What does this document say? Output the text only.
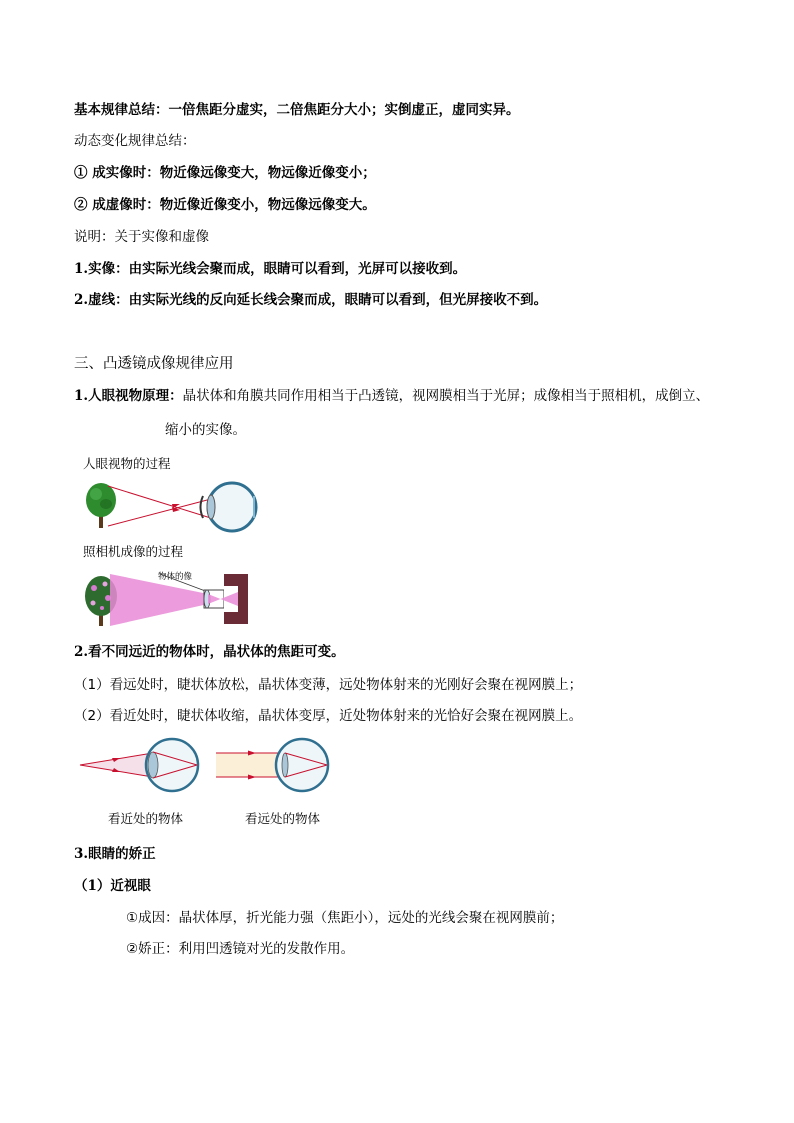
基本规律总结：一倍焦距分虚实，二倍焦距分大小；实倒虚正，虚同实异。
动态变化规律总结：
① 成实像时：物近像远像变大，物远像近像变小；
② 成虚像时：物近像近像变小，物远像远像变大。
说明：关于实像和虚像
1.实像：由实际光线会聚而成，眼睛可以看到，光屏可以接收到。
2.虚线：由实际光线的反向延长线会聚而成，眼睛可以看到，但光屏接收不到。
三、凸透镜成像规律应用
1.人眼视物原理：晶状体和角膜共同作用相当于凸透镜，视网膜相当于光屏；成像相当于照相机，成倒立、
缩小的实像。
人眼视物的过程
照相机成像的过程
物体的像
2.看不同远近的物体时，晶状体的焦距可变。
（1）看远处时，睫状体放松，晶状体变薄，远处物体射来的光刚好会聚在视网膜上；
（2）看近处时，睫状体收缩，晶状体变厚，近处物体射来的光恰好会聚在视网膜上。
看近处的物体	看远处的物体
3.眼睛的娇正
（1）近视眼
①成因：晶状体厚，折光能力强（焦距小），远处的光线会聚在视网膜前；
②娇正：利用凹透镜对光的发散作用。
